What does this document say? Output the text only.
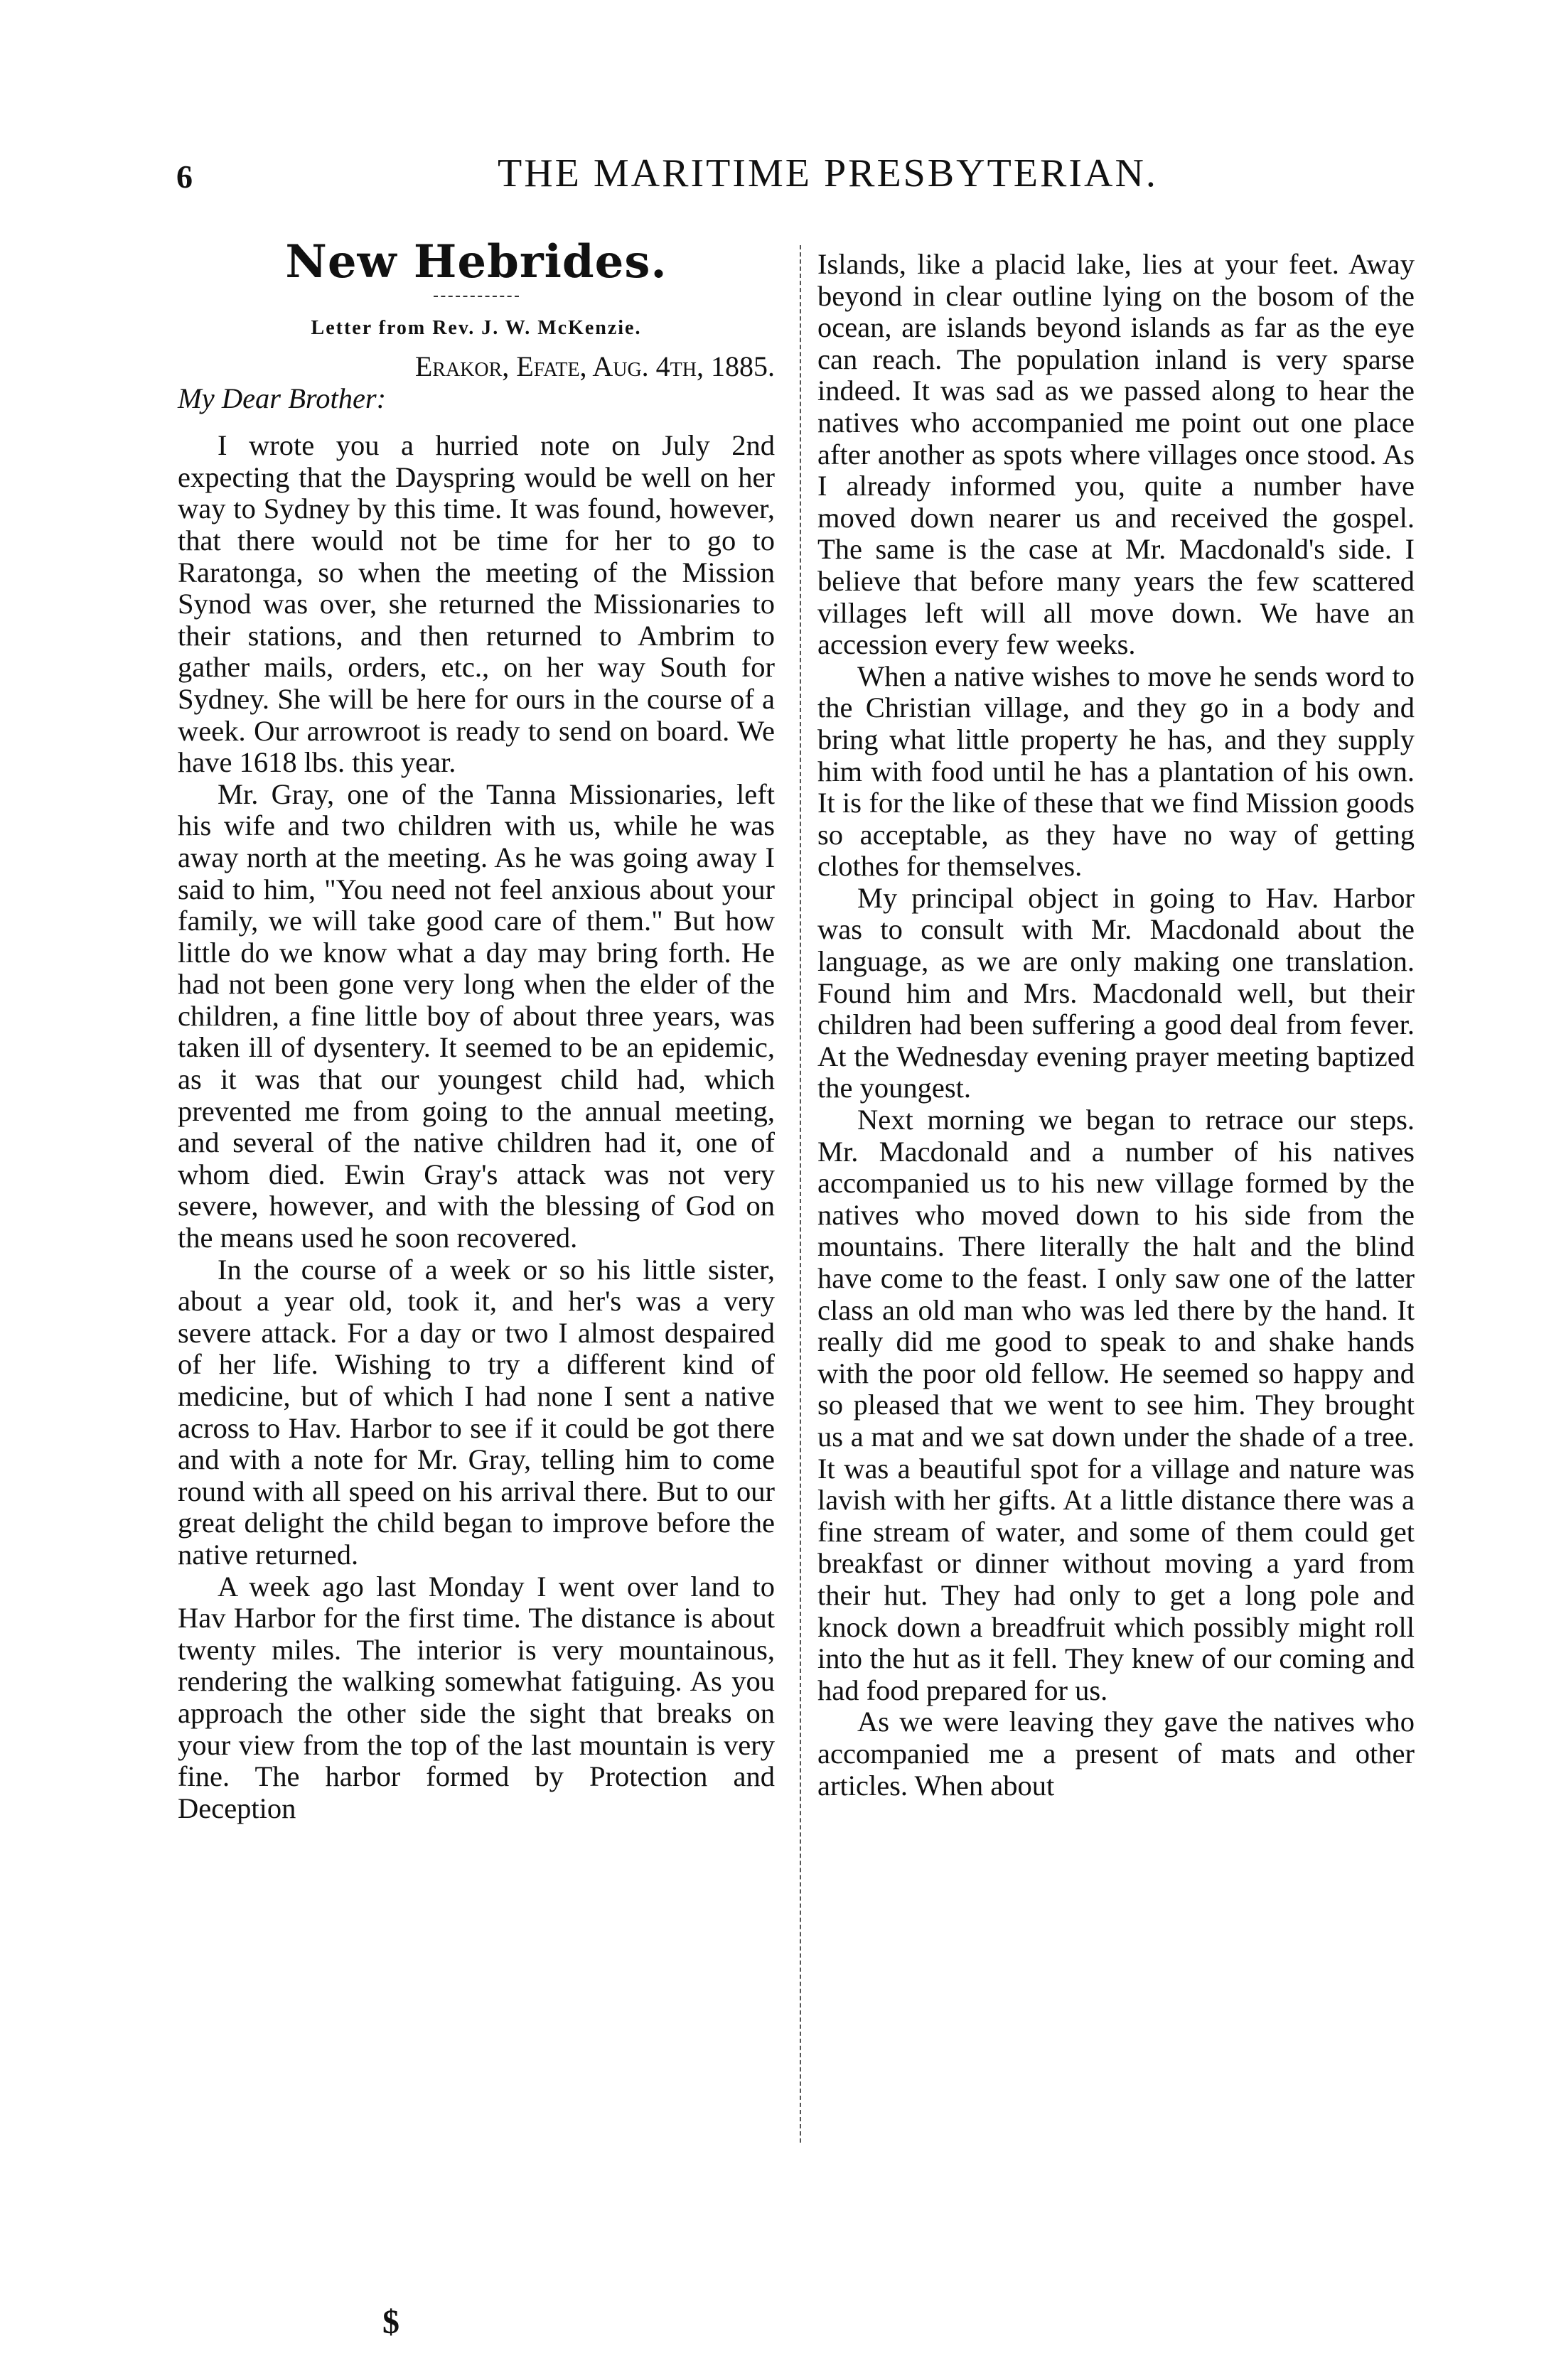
6	THE MARITIME PRESBYTERIAN.
New Hebrides.
Letter from Rev. J. W. McKenzie.
Erakor, Efate, Aug. 4th, 1885.
My Dear Brother:

I wrote you a hurried note on July 2nd expecting that the Dayspring would be well on her way to Sydney by this time. It was found, however, that there would not be time for her to go to Raratonga, so when the meeting of the Mission Synod was over, she returned the Missionaries to their stations, and then returned to Ambrim to gather mails, orders, etc., on her way South for Sydney. She will be here for ours in the course of a week. Our arrowroot is ready to send on board. We have 1618 lbs. this year.

Mr. Gray, one of the Tanna Missionaries, left his wife and two children with us, while he was away north at the meeting. As he was going away I said to him, "You need not feel anxious about your family, we will take good care of them." But how little do we know what a day may bring forth. He had not been gone very long when the elder of the children, a fine little boy of about three years, was taken ill of dysentery. It seemed to be an epidemic, as it was that our youngest child had, which prevented me from going to the annual meeting, and several of the native children had it, one of whom died. Ewin Gray's attack was not very severe, however, and with the blessing of God on the means used he soon recovered.

In the course of a week or so his little sister, about a year old, took it, and her's was a very severe attack. For a day or two I almost despaired of her life. Wishing to try a different kind of medicine, but of which I had none I sent a native across to Hav. Harbor to see if it could be got there and with a note for Mr. Gray, telling him to come round with all speed on his arrival there. But to our great delight the child began to improve before the native returned.

A week ago last Monday I went over land to Hav Harbor for the first time. The distance is about twenty miles. The interior is very mountainous, rendering the walking somewhat fatiguing. As you approach the other side the sight that breaks on your view from the top of the last mountain is very fine. The harbor formed by Protection and Deception

Islands, like a placid lake, lies at your feet. Away beyond in clear outline lying on the bosom of the ocean, are islands beyond islands as far as the eye can reach. The population inland is very sparse indeed. It was sad as we passed along to hear the natives who accompanied me point out one place after another as spots where villages once stood. As I already informed you, quite a number have moved down nearer us and received the gospel. The same is the case at Mr. Macdonald's side. I believe that before many years the few scattered villages left will all move down. We have an accession every few weeks.

When a native wishes to move he sends word to the Christian village, and they go in a body and bring what little property he has, and they supply him with food until he has a plantation of his own. It is for the like of these that we find Mission goods so acceptable, as they have no way of getting clothes for themselves.

My principal object in going to Hav. Harbor was to consult with Mr. Macdonald about the language, as we are only making one translation. Found him and Mrs. Macdonald well, but their children had been suffering a good deal from fever. At the Wednesday evening prayer meeting baptized the youngest.

Next morning we began to retrace our steps. Mr. Macdonald and a number of his natives accompanied us to his new village formed by the natives who moved down to his side from the mountains. There literally the halt and the blind have come to the feast. I only saw one of the latter class an old man who was led there by the hand. It really did me good to speak to and shake hands with the poor old fellow. He seemed so happy and so pleased that we went to see him. They brought us a mat and we sat down under the shade of a tree. It was a beautiful spot for a village and nature was lavish with her gifts. At a little distance there was a fine stream of water, and some of them could get breakfast or dinner without moving a yard from their hut. They had only to get a long pole and knock down a breadfruit which possibly might roll into the hut as it fell. They knew of our coming and had food prepared for us.

As we were leaving they gave the natives who accompanied me a present of mats and other articles. When about

$
